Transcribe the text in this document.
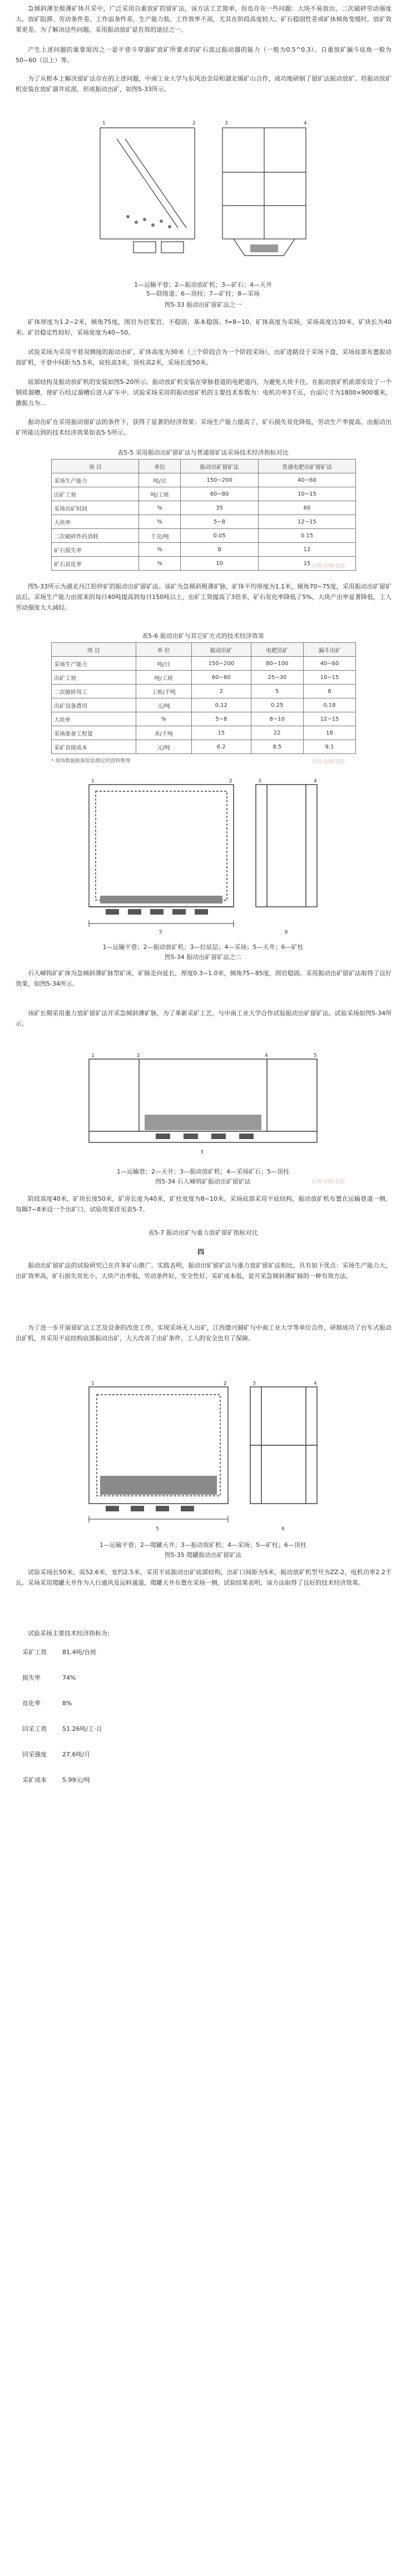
急倾斜薄至极薄矿体开采中，广泛采用自重放矿的留矿法，该方法工艺简单，但也存在一些问题：大块不易放出，二次破碎劳动强度大、放矿阻滞、劳动条件差、工作面条件差，生产能力低、工作效率不高，尤其在阶段高度较大、矿石稳固性差或矿体倾角变缓时，放矿效果更差。为了解决这些问题，采用振动放矿是有效的途径之一。
产生上述问题的重要原因之一是平巷斗穿溜矿放矿所要求的矿石流过振动器的能力（一般为0.5^0.3）。自重放矿漏斗底角一般为50~60（以上）等。
为了从根本上解决留矿法存在的上述问题，中南工业大学与东风冶金局和湖北锡矿山合作，成功地研制了留矿法振动放矿。将振动放矿机安装在放矿溜井底部，形成振动出矿，如图5-33所示。
1	2	3	4
1—运输平巷；2—振动放矿机；3—矿石；4—天井
5—联络道；6—顶柱；7—矿柱；8—采场
图5-33 振动出矿留矿法之一
矿体厚度为1.2~2米，倾角75度，围岩为岩浆岩，不稳固，基本稳固。f=8~10，矿体高度为采场，采场高度达30米，矿块长为40米。矿岩稳定性较好，采场宽度为40~50。
试验采场为采用平巷双侧接的振动出矿，矿体高度为30米（三个阶段合为一个阶段采场），出矿进路设于采场下盘，采场底部布置振动放矿机，平巷中间距为5.5米，底柱高3米，顶柱高2米，采场长度50米。
底部结构及振动放矿机的安装如图5-20所示。振动放矿机安装在穿脉巷道的电耙道内，为避免大块卡住。在振动放矿机前部安设了一个钢质溜槽，使矿石经过溜槽后进入矿车中。试验采场采用的振动放矿机的主要技术参数为：电机功率3千瓦，台面尺寸为1800×900毫米，激振力为...
振动出矿在采用振动留矿法的条件下，获得了显著的经济效果：采场生产能力提高了，矿石损失贫化降低，劳动生产率提高，由振动出矿所能达到的技术经济效果如表5-5所示。
表5-5 采用振动出矿留矿法与普通留矿法采场技术经济指标对比
项 目	单位	振动出矿留矿法	普通电耙出矿留矿法
采场生产能力	吨/日	150~200	40~60
出矿工效	吨/工班	60~80	10~15
采场出矿时间	%	35	60
大块率	%	5~8	12~15
二次破碎炸药消耗	千克/吨	0.05	0.15
矿石损失率	%	8	12
矿石贫化率	%	10	15 百科全网书馆
图5-33所示为湖北丹江铅锌矿的振动出矿留矿法。该矿为急倾斜极薄矿脉，矿体平均厚度为1.1米，倾角70~75度，采用振动出矿留矿法后，采场生产能力由原来的每日40吨提高到每日150吨以上，出矿工效提高了3倍多，矿石贫化率降低了5%，大块产出率显著降低，工人劳动强度大大减轻。
表5-6 振动出矿与其它矿方式的技术经济效果
项 目	单 位	振动出矿	电耙出矿	漏斗出矿
采场生产能力	吨/日	150~200	80~100	40~60
出矿工效	吨/工班	60~80	25~30	10~15
二次破碎用工	工班/千吨	2	5	8
出矿设备费用	元/吨	0.12	0.25	0.18
大块率	%	5~8	8~10	12~15
采场准备工程量	米/千吨	15	22	18
采矿直接成本	元/吨	6.2	8.5	9.1
* 现场数据根据原始测定的资料整理	百科全网书馆
1	2	3	4
5	6
1—运输平巷；2—振动放矿机；3—拉底层；4—采场；5—天井；6—矿柱
图5-34 振动出矿留矿法之二
石人嶂钨矿矿体为急倾斜薄矿脉型矿床，矿脉走向延长，厚度0.3~1.0米，倾角75~85度，围岩稳固。采用振动出矿留矿法取得了良好效果，如图5-34所示。
该矿长期采用重力放矿留矿法开采急倾斜薄矿脉，为了革新采矿工艺，与中南工业大学合作试验振动出矿留矿法。试验采场如图5-34所示。
1	2
3
4	5
1—运输巷；2—天井；3—振动放矿机；4—采场矿石；5—顶柱
图5-34 石人嶂钨矿振动出矿留矿法	百科全网书馆
阶段高度40米，矿块长度50米，矿房长度为40米，矿柱宽度为8~10米。采场底部采用平底结构，振动放矿机布置在运输巷道一侧，每隔7~8米设一个出矿口，试验效果详见表5-7。
表5-7 振动出矿与重力放矿留矿指标对比
四
振动出矿留矿法的试验研究已在许多矿山推广。实践表明，振动出矿留矿法与重力放矿留矿法相比，具有如下优点：采场生产能力大，出矿效率高，矿石损失贫化小，大块产出率低，劳动条件好，安全性好，采矿成本低，是开采急倾斜薄矿脉的一种有效方法。
为了进一步开展留矿法工艺及设备的改进工作，实现采场无人出矿，江西德兴铜矿与中南工业大学等单位合作，研制成功了台车式振动出矿机，并采用平底结构底部振动出矿，大大改善了出矿条件，工人的安全也有了保障。
1	2	3	4
5	6
1—运输平巷；2—爬罐天井；3—振动放矿机；4—采场；5—矿柱；6—顶柱
图5-35 爬罐振动出矿留矿法
试验采场长50米，高52.6米，宽约2.5米，采用平底振动出矿底部结构，出矿口间距为5米，振动放矿机型号为ZZ-2，电机功率2.2千瓦。采场采用爬罐天井作为人行通风及运料通道，爬罐天井布置在采场一侧，试验结果表明，该方法取得了良好的技术经济效果。
试验采场主要技术经济指标为：
采矿工效	81.4吨/台班
损失率	74%
贫化率	8%
回采工效	51.26吨/工·月
回采强度	27.6吨/月
采矿成本	5.99元/吨
